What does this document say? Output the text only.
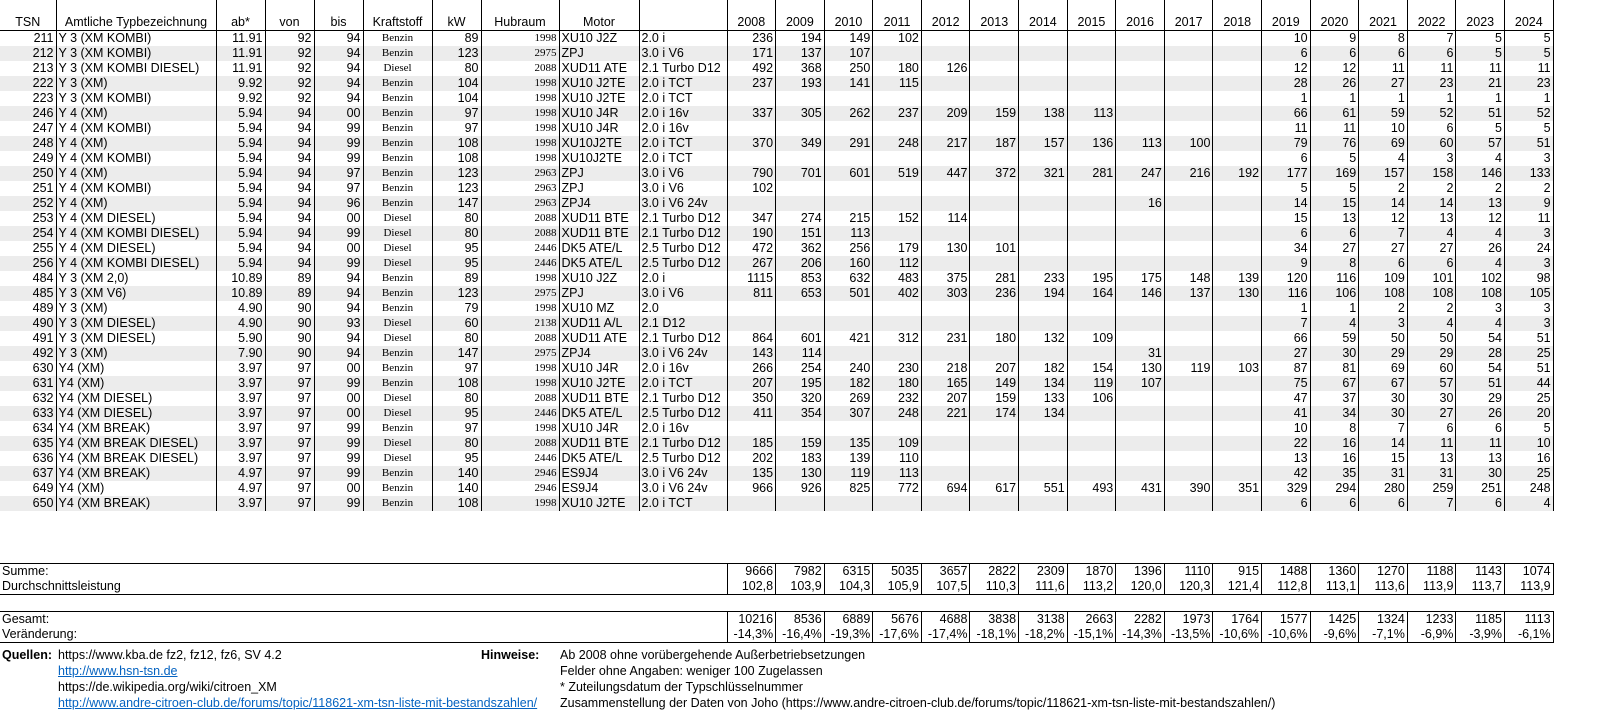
TSN	Amtliche Typbezeichnung	ab*	von	bis	Kraftstoff	kW	Hubraum	Motor		2008	2009	2010	2011	2012	2013	2014	2015	2016	2017	2018	2019	2020	2021	2022	2023	2024
211	Y 3 (XM KOMBI)	11.91	92	94	Benzin	89	1998	XU10 J2Z	2.0 i	236	194	149	102								10	9	8	7	5	5
212	Y 3 (XM KOMBI)	11.91	92	94	Benzin	123	2975	ZPJ	3.0 i V6	171	137	107									6	6	6	6	5	5
213	Y 3 (XM KOMBI DIESEL)	11.91	92	94	Diesel	80	2088	XUD11 ATE	2.1 Turbo D12	492	368	250	180	126							12	12	11	11	11	11
222	Y 3 (XM)	9.92	92	94	Benzin	104	1998	XU10 J2TE	2.0 i TCT	237	193	141	115								28	26	27	23	21	23
223	Y 3 (XM KOMBI)	9.92	92	94	Benzin	104	1998	XU10 J2TE	2.0 i TCT												1	1	1	1	1	1
246	Y 4 (XM)	5.94	94	00	Benzin	97	1998	XU10 J4R	2.0 i 16v	337	305	262	237	209	159	138	113				66	61	59	52	51	52
247	Y 4 (XM KOMBI)	5.94	94	99	Benzin	97	1998	XU10 J4R	2.0 i 16v												11	11	10	6	5	5
248	Y 4 (XM)	5.94	94	99	Benzin	108	1998	XU10J2TE	2.0 i TCT	370	349	291	248	217	187	157	136	113	100		79	76	69	60	57	51
249	Y 4 (XM KOMBI)	5.94	94	99	Benzin	108	1998	XU10J2TE	2.0 i TCT												6	5	4	3	4	3
250	Y 4 (XM)	5.94	94	97	Benzin	123	2963	ZPJ	3.0 i V6	790	701	601	519	447	372	321	281	247	216	192	177	169	157	158	146	133
251	Y 4 (XM KOMBI)	5.94	94	97	Benzin	123	2963	ZPJ	3.0 i V6	102											5	5	2	2	2	2
252	Y 4 (XM)	5.94	94	96	Benzin	147	2963	ZPJ4	3.0 i V6 24v									16			14	15	14	14	13	9
253	Y 4 (XM DIESEL)	5.94	94	00	Diesel	80	2088	XUD11 BTE	2.1 Turbo D12	347	274	215	152	114							15	13	12	13	12	11
254	Y 4 (XM KOMBI DIESEL)	5.94	94	99	Diesel	80	2088	XUD11 BTE	2.1 Turbo D12	190	151	113									6	6	7	4	4	3
255	Y 4 (XM DIESEL)	5.94	94	00	Diesel	95	2446	DK5 ATE/L	2.5 Turbo D12	472	362	256	179	130	101						34	27	27	27	26	24
256	Y 4 (XM KOMBI DIESEL)	5.94	94	99	Diesel	95	2446	DK5 ATE/L	2.5 Turbo D12	267	206	160	112								9	8	6	6	4	3
484	Y 3 (XM 2,0)	10.89	89	94	Benzin	89	1998	XU10 J2Z	2.0 i	1115	853	632	483	375	281	233	195	175	148	139	120	116	109	101	102	98
485	Y 3 (XM V6)	10.89	89	94	Benzin	123	2975	ZPJ	3.0 i V6	811	653	501	402	303	236	194	164	146	137	130	116	106	108	108	108	105
489	Y 3 (XM)	4.90	90	94	Benzin	79	1998	XU10 MZ	2.0												1	1	2	2	3	3
490	Y 3 (XM DIESEL)	4.90	90	93	Diesel	60	2138	XUD11 A/L	2.1 D12												7	4	3	4	4	3
491	Y 3 (XM DIESEL)	5.90	90	94	Diesel	80	2088	XUD11 ATE	2.1 Turbo D12	864	601	421	312	231	180	132	109				66	59	50	50	54	51
492	Y 3 (XM)	7.90	90	94	Benzin	147	2975	ZPJ4	3.0 i V6 24v	143	114							31			27	30	29	29	28	25
630	Y4 (XM)	3.97	97	00	Benzin	97	1998	XU10 J4R	2.0 i 16v	266	254	240	230	218	207	182	154	130	119	103	87	81	69	60	54	51
631	Y4 (XM)	3.97	97	99	Benzin	108	1998	XU10 J2TE	2.0 i TCT	207	195	182	180	165	149	134	119	107			75	67	67	57	51	44
632	Y4 (XM DIESEL)	3.97	97	00	Diesel	80	2088	XUD11 BTE	2.1 Turbo D12	350	320	269	232	207	159	133	106				47	37	30	30	29	25
633	Y4 (XM DIESEL)	3.97	97	00	Diesel	95	2446	DK5 ATE/L	2.5 Turbo D12	411	354	307	248	221	174	134					41	34	30	27	26	20
634	Y4 (XM BREAK)	3.97	97	99	Benzin	97	1998	XU10 J4R	2.0 i 16v												10	8	7	6	6	5
635	Y4 (XM BREAK DIESEL)	3.97	97	99	Diesel	80	2088	XUD11 BTE	2.1 Turbo D12	185	159	135	109								22	16	14	11	11	10
636	Y4 (XM BREAK DIESEL)	3.97	97	99	Diesel	95	2446	DK5 ATE/L	2.5 Turbo D12	202	183	139	110								13	16	15	13	13	16
637	Y4 (XM BREAK)	4.97	97	99	Benzin	140	2946	ES9J4	3.0 i V6 24v	135	130	119	113								42	35	31	31	30	25
649	Y4 (XM)	4.97	97	00	Benzin	140	2946	ES9J4	3.0 i V6 24v	966	926	825	772	694	617	551	493	431	390	351	329	294	280	259	251	248
650	Y4 (XM BREAK)	3.97	97	99	Benzin	108	1998	XU10 J2TE	2.0 i TCT												6	6	6	7	6	4
Summe:		9666	7982	6315	5035	3657	2822	2309	1870	1396	1110	915	1488	1360	1270	1188	1143	1074
Durchschnittsleistung		102,8	103,9	104,3	105,9	107,5	110,3	111,6	113,2	120,0	120,3	121,4	112,8	113,1	113,6	113,9	113,7	113,9
Gesamt:		10216	8536	6889	5676	4688	3838	3138	2663	2282	1973	1764	1577	1425	1324	1233	1185	1113
Veränderung:		-14,3%	-16,4%	-19,3%	-17,6%	-17,4%	-18,1%	-18,2%	-15,1%	-14,3%	-13,5%	-10,6%	-10,6%	-9,6%	-7,1%	-6,9%	-3,9%	-6,1%
Quellen: https://www.kba.de fz2, fz12, fz6, SV 4.2
http://www.hsn-tsn.de
https://de.wikipedia.org/wiki/citroen_XM
http://www.andre-citroen-club.de/forums/topic/118621-xm-tsn-liste-mit-bestandszahlen/
Hinweise: Ab 2008 ohne vorübergehende Außerbetriebsetzungen
Felder ohne Angaben: weniger 100 Zugelassen
* Zuteilungsdatum der Typschlüsselnummer
Zusammenstellung der Daten von Joho (https://www.andre-citroen-club.de/forums/topic/118621-xm-tsn-liste-mit-bestandszahlen/)
